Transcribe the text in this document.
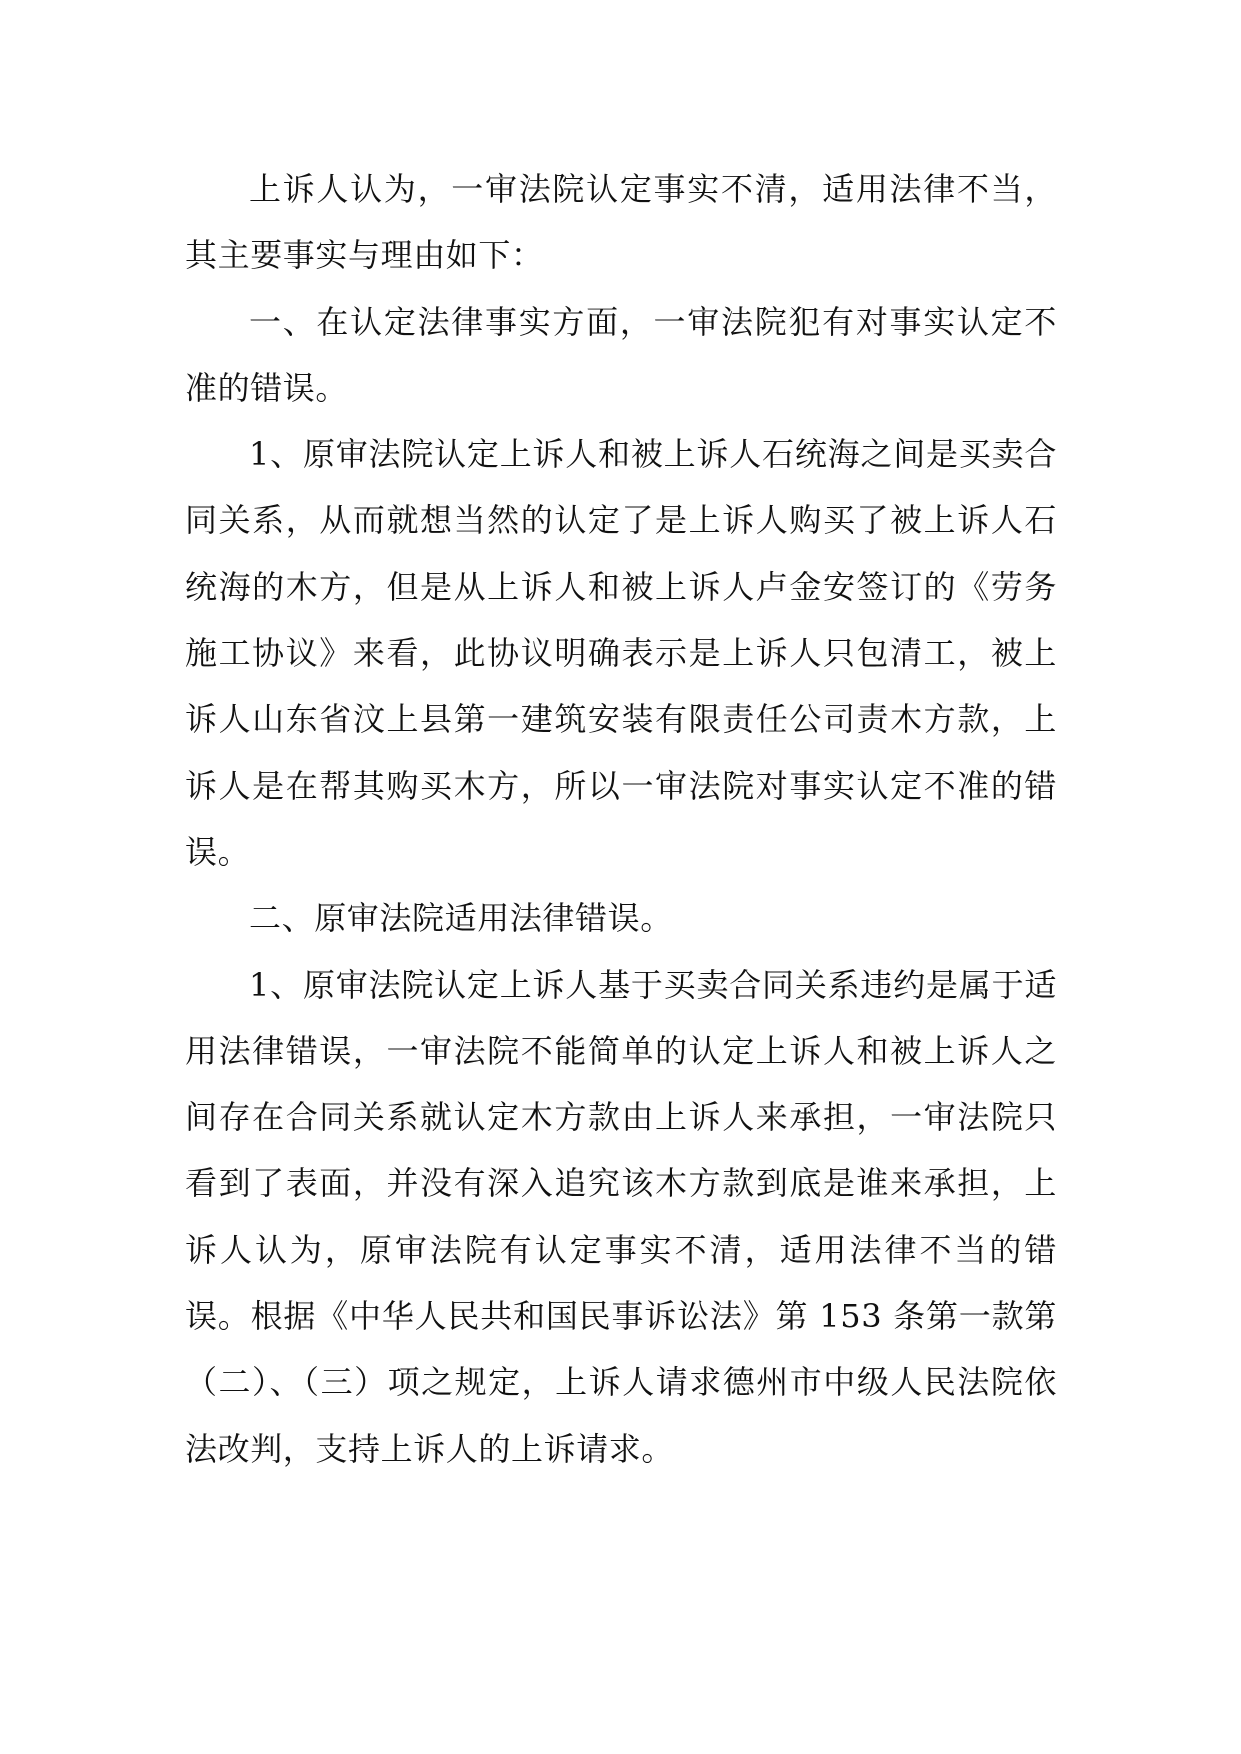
上诉人认为，一审法院认定事实不清，适用法律不当，其主要事实与理由如下：

一、在认定法律事实方面，一审法院犯有对事实认定不准的错误。

1、原审法院认定上诉人和被上诉人石统海之间是买卖合同关系，从而就想当然的认定了是上诉人购买了被上诉人石统海的木方，但是从上诉人和被上诉人卢金安签订的《劳务施工协议》来看，此协议明确表示是上诉人只包清工，被上诉人山东省汶上县第一建筑安装有限责任公司责木方款，上诉人是在帮其购买木方，所以一审法院对事实认定不准的错误。

二、原审法院适用法律错误。

1、原审法院认定上诉人基于买卖合同关系违约是属于适用法律错误，一审法院不能简单的认定上诉人和被上诉人之间存在合同关系就认定木方款由上诉人来承担，一审法院只看到了表面，并没有深入追究该木方款到底是谁来承担，上诉人认为，原审法院有认定事实不清，适用法律不当的错误。根据《中华人民共和国民事诉讼法》第 153 条第一款第（二）、（三）项之规定，上诉人请求德州市中级人民法院依法改判，支持上诉人的上诉请求。
